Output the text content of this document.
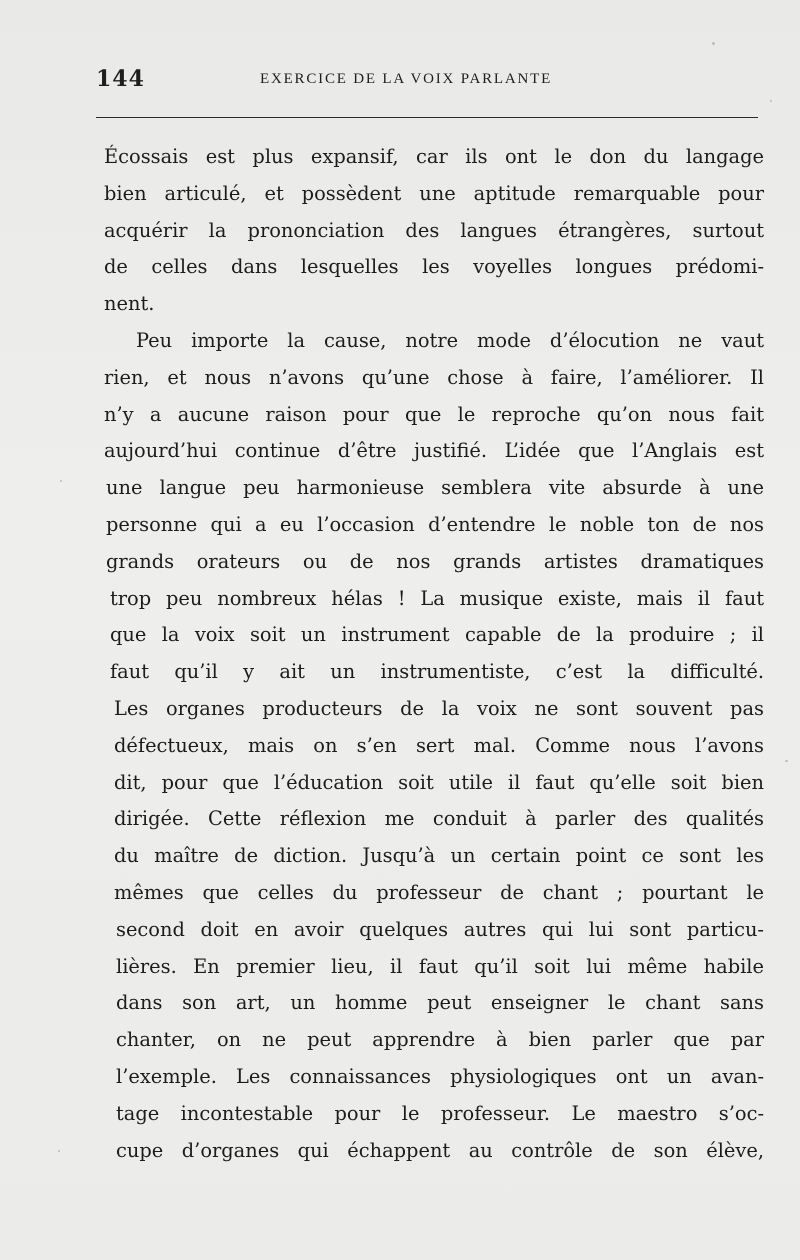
144	EXERCICE DE LA VOIX PARLANTE
Écossais est plus expansif, car ils ont le don du langage
bien articulé, et possèdent une aptitude remarquable pour
acquérir la prononciation des langues étrangères, surtout
de celles dans lesquelles les voyelles longues prédomi-
nent.
Peu importe la cause, notre mode d’élocution ne vaut
rien, et nous n’avons qu’une chose à faire, l’améliorer. Il
n’y a aucune raison pour que le reproche qu’on nous fait
aujourd’hui continue d’être justifié. L’idée que l’Anglais est
une langue peu harmonieuse semblera vite absurde à une
personne qui a eu l’occasion d’entendre le noble ton de nos
grands orateurs ou de nos grands artistes dramatiques
trop peu nombreux hélas ! La musique existe, mais il faut
que la voix soit un instrument capable de la produire ; il
faut qu’il y ait un instrumentiste, c’est la difficulté.
Les organes producteurs de la voix ne sont souvent pas
défectueux, mais on s’en sert mal. Comme nous l’avons
dit, pour que l’éducation soit utile il faut qu’elle soit bien
dirigée. Cette réflexion me conduit à parler des qualités
du maître de diction. Jusqu’à un certain point ce sont les
mêmes que celles du professeur de chant ; pourtant le
second doit en avoir quelques autres qui lui sont particu-
lières. En premier lieu, il faut qu’il soit lui même habile
dans son art, un homme peut enseigner le chant sans
chanter, on ne peut apprendre à bien parler que par
l’exemple. Les connaissances physiologiques ont un avan-
tage incontestable pour le professeur. Le maestro s’oc-
cupe d’organes qui échappent au contrôle de son élève,
